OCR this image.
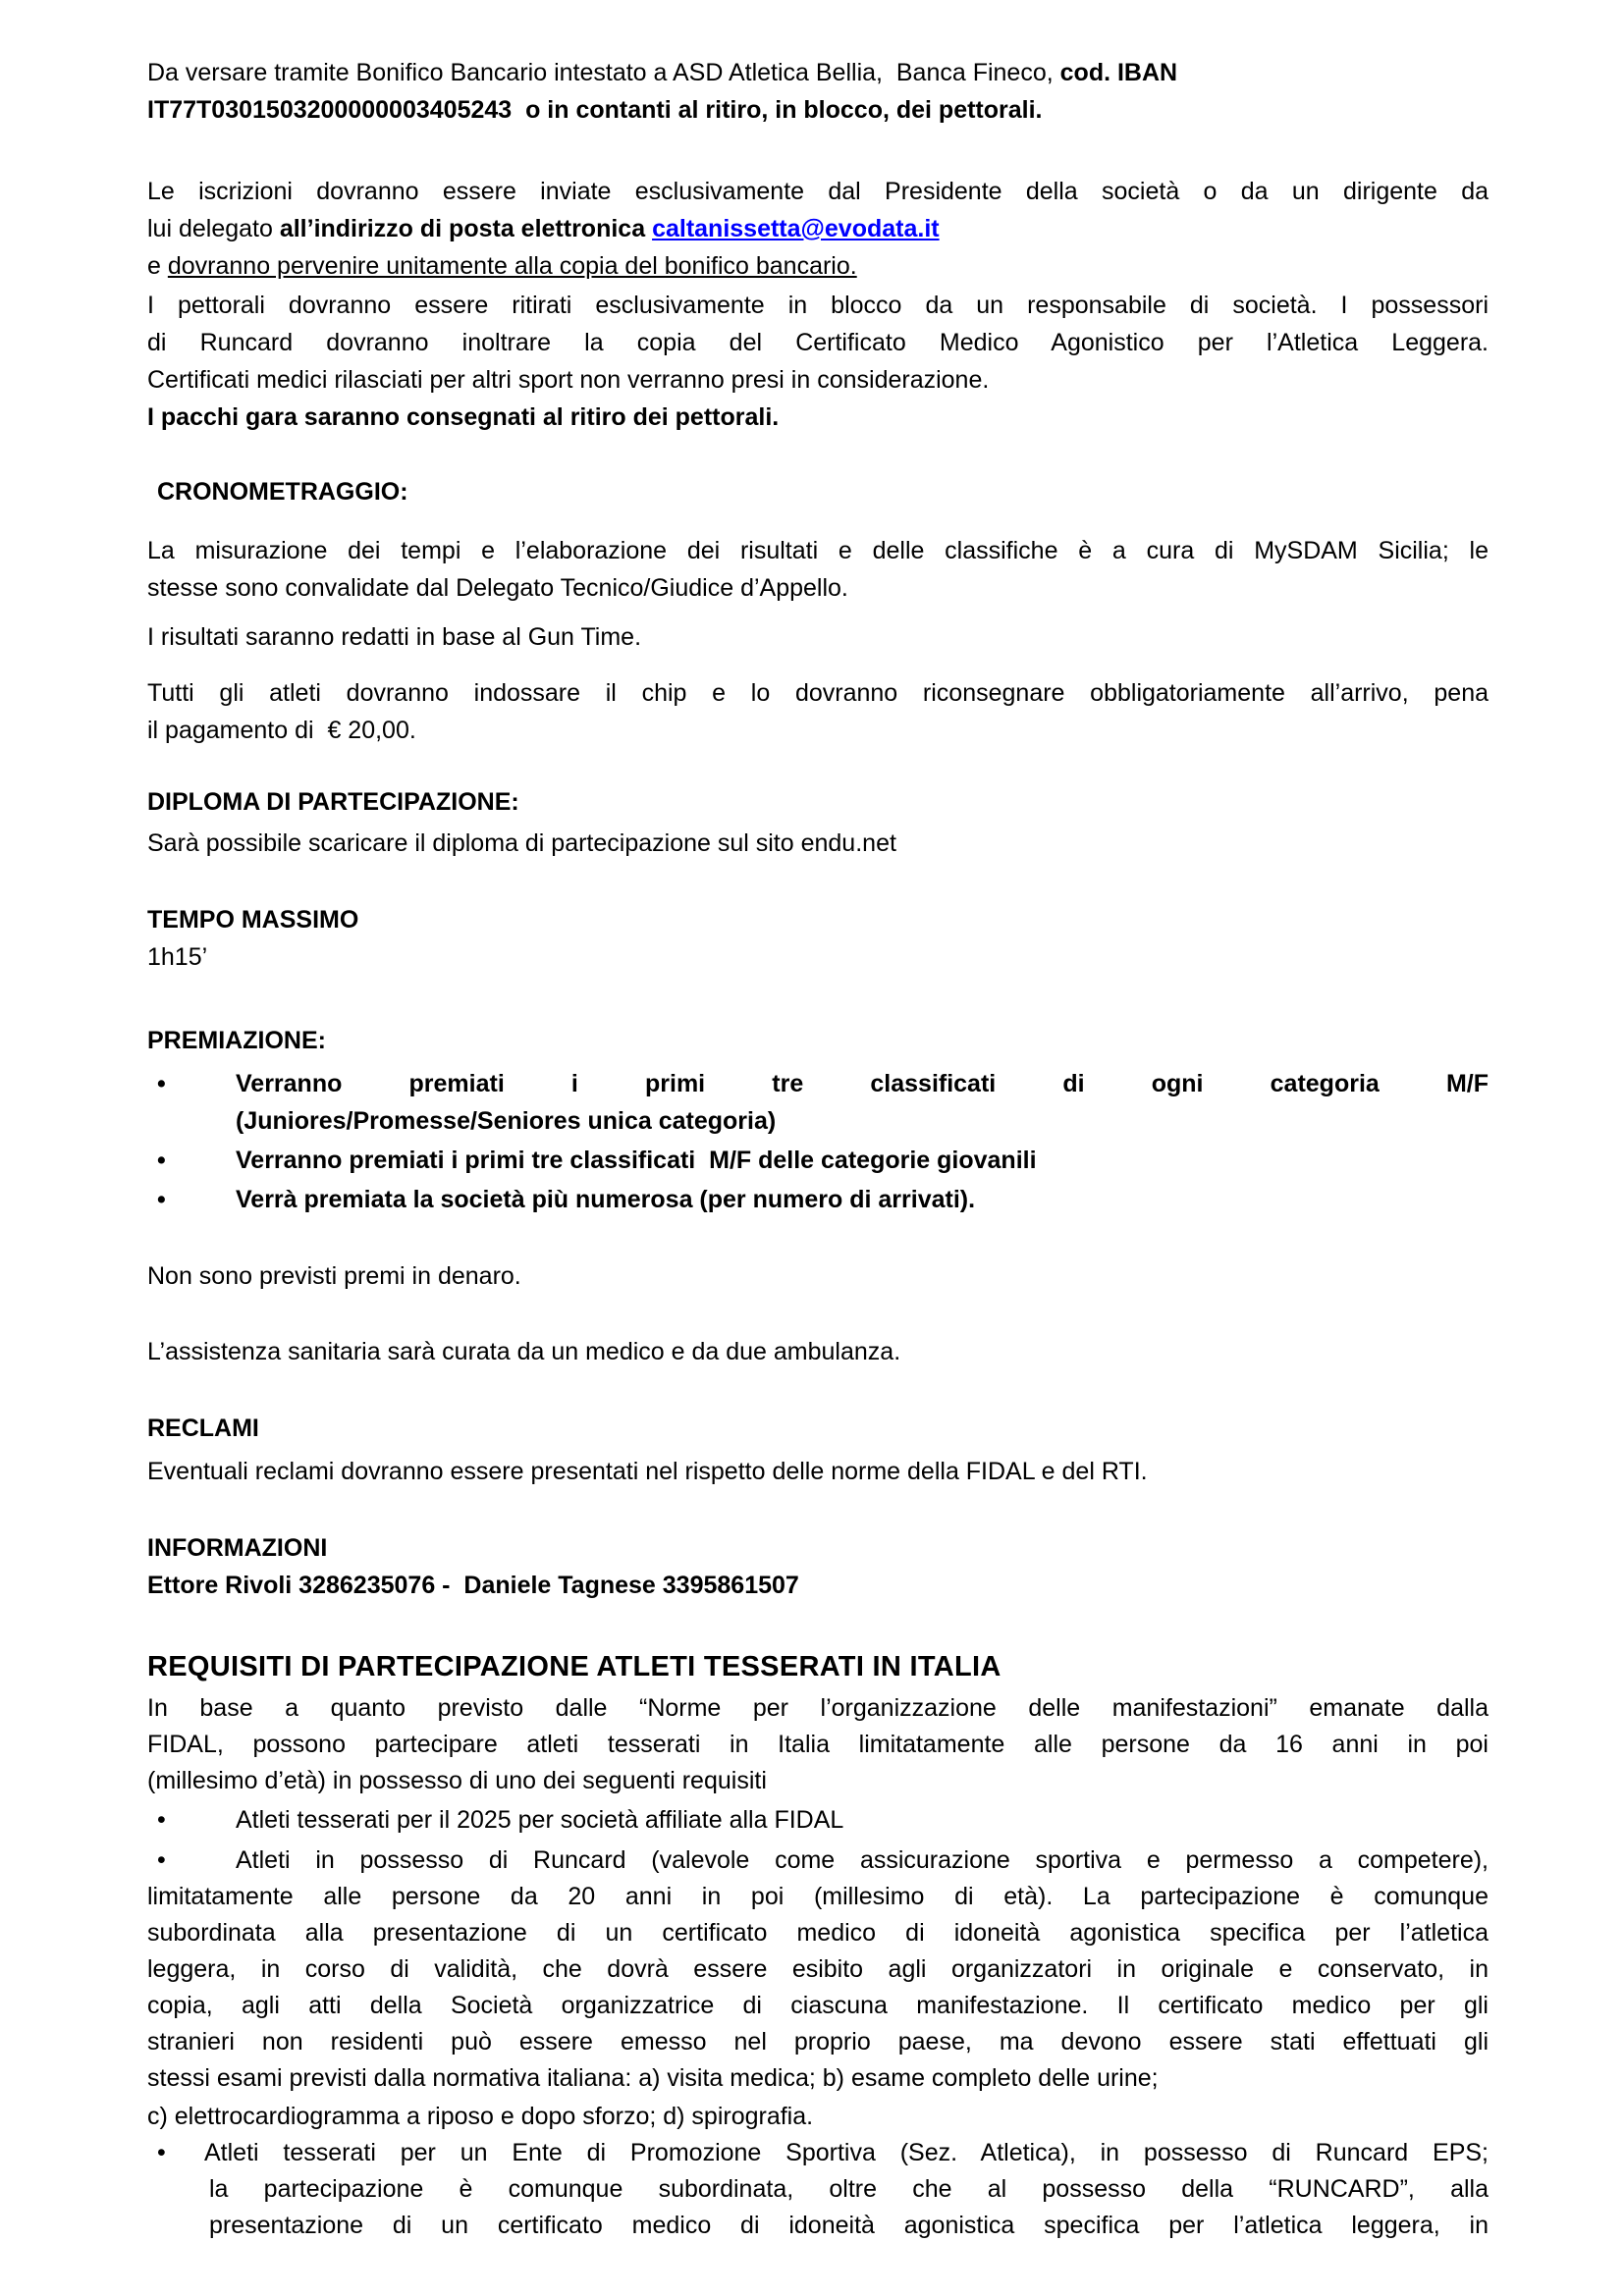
Da versare tramite Bonifico Bancario intestato a ASD Atletica Bellia,  Banca Fineco, cod. IBAN
IT77T0301503200000003405243  o in contanti al ritiro, in blocco, dei pettorali.
Le iscrizioni dovranno essere inviate esclusivamente dal Presidente della società o da un dirigente da
lui delegato all’indirizzo di posta elettronica caltanissetta@evodata.it
e dovranno pervenire unitamente alla copia del bonifico bancario.
I pettorali dovranno essere ritirati esclusivamente in blocco da un responsabile di società. I possessori
di Runcard dovranno inoltrare la copia del Certificato Medico Agonistico per l’Atletica Leggera.
Certificati medici rilasciati per altri sport non verranno presi in considerazione.
I pacchi gara saranno consegnati al ritiro dei pettorali.
CRONOMETRAGGIO:
La misurazione dei tempi e l’elaborazione dei risultati e delle classifiche è a cura di MySDAM Sicilia; le
stesse sono convalidate dal Delegato Tecnico/Giudice d’Appello.
I risultati saranno redatti in base al Gun Time.
Tutti gli atleti dovranno indossare il chip e lo dovranno riconsegnare obbligatoriamente all’arrivo, pena
il pagamento di  € 20,00.
DIPLOMA DI PARTECIPAZIONE:
Sarà possibile scaricare il diploma di partecipazione sul sito endu.net
TEMPO MASSIMO
1h15’
PREMIAZIONE:
•	Verranno premiati i primi tre classificati di ogni categoria M/F
(Juniores/Promesse/Seniores unica categoria)
•	Verranno premiati i primi tre classificati  M/F delle categorie giovanili
•	Verrà premiata la società più numerosa (per numero di arrivati).
Non sono previsti premi in denaro.
L’assistenza sanitaria sarà curata da un medico e da due ambulanza.
RECLAMI
Eventuali reclami dovranno essere presentati nel rispetto delle norme della FIDAL e del RTI.
INFORMAZIONI
Ettore Rivoli 3286235076 -  Daniele Tagnese 3395861507
REQUISITI DI PARTECIPAZIONE ATLETI TESSERATI IN ITALIA
In base a quanto previsto dalle “Norme per l’organizzazione delle manifestazioni” emanate dalla
FIDAL, possono partecipare atleti tesserati in Italia limitatamente alle persone da 16 anni in poi
(millesimo d’età) in possesso di uno dei seguenti requisiti
•	Atleti tesserati per il 2025 per società affiliate alla FIDAL
•	Atleti in possesso di Runcard (valevole come assicurazione sportiva e permesso a competere),
limitatamente alle persone da 20 anni in poi (millesimo di età). La partecipazione è comunque
subordinata alla presentazione di un certificato medico di idoneità agonistica specifica per l’atletica
leggera, in corso di validità, che dovrà essere esibito agli organizzatori in originale e conservato, in
copia, agli atti della Società organizzatrice di ciascuna manifestazione. Il certificato medico per gli
stranieri non residenti può essere emesso nel proprio paese, ma devono essere stati effettuati gli
stessi esami previsti dalla normativa italiana: a) visita medica; b) esame completo delle urine;
c) elettrocardiogramma a riposo e dopo sforzo; d) spirografia.
• Atleti tesserati per un Ente di Promozione Sportiva (Sez. Atletica), in possesso di Runcard EPS;
la partecipazione è comunque subordinata, oltre che al possesso della “RUNCARD”, alla
presentazione di un certificato medico di idoneità agonistica specifica per l’atletica leggera, in
